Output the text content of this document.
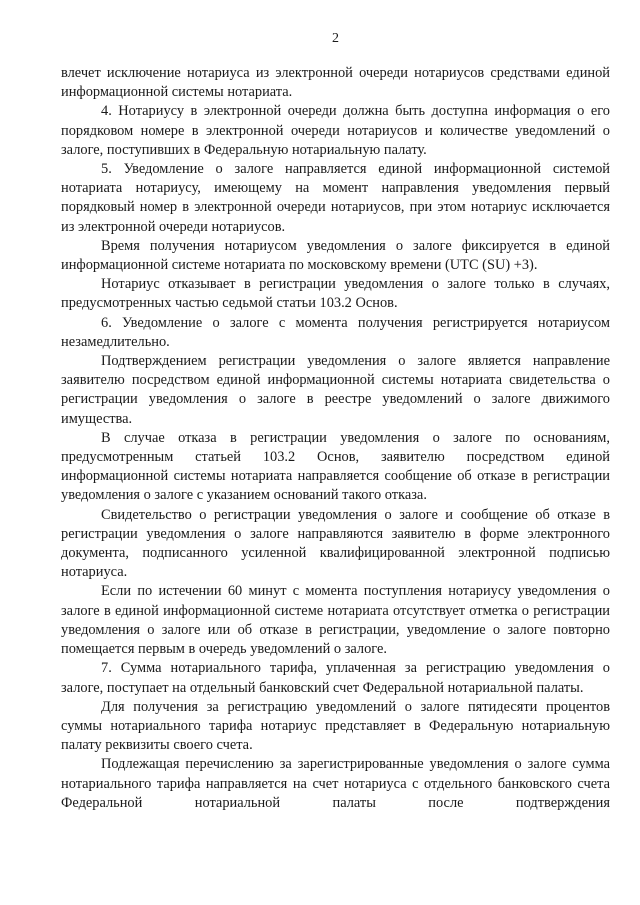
2

влечет исключение нотариуса из электронной очереди нотариусов средствами единой информационной системы нотариата.

4. Нотариусу в электронной очереди должна быть доступна информация о его порядковом номере в электронной очереди нотариусов и количестве уведомлений о залоге, поступивших в Федеральную нотариальную палату.

5. Уведомление о залоге направляется единой информационной системой нотариата нотариусу, имеющему на момент направления уведомления первый порядковый номер в электронной очереди нотариусов, при этом нотариус исключается из электронной очереди нотариусов.

Время получения нотариусом уведомления о залоге фиксируется в единой информационной системе нотариата по московскому времени (UTC (SU) +3).

Нотариус отказывает в регистрации уведомления о залоге только в случаях, предусмотренных частью седьмой статьи 103.2 Основ.

6. Уведомление о залоге с момента получения регистрируется нотариусом незамедлительно.

Подтверждением регистрации уведомления о залоге является направление заявителю посредством единой информационной системы нотариата свидетельства о регистрации уведомления о залоге в реестре уведомлений о залоге движимого имущества.

В случае отказа в регистрации уведомления о залоге по основаниям, предусмотренным статьей 103.2 Основ, заявителю посредством единой информационной системы нотариата направляется сообщение об отказе в регистрации уведомления о залоге с указанием оснований такого отказа.

Свидетельство о регистрации уведомления о залоге и сообщение об отказе в регистрации уведомления о залоге направляются заявителю в форме электронного документа, подписанного усиленной квалифицированной электронной подписью нотариуса.

Если по истечении 60 минут с момента поступления нотариусу уведомления о залоге в единой информационной системе нотариата отсутствует отметка о регистрации уведомления о залоге или об отказе в регистрации, уведомление о залоге повторно помещается первым в очередь уведомлений о залоге.

7. Сумма нотариального тарифа, уплаченная за регистрацию уведомления о залоге, поступает на отдельный банковский счет Федеральной нотариальной палаты.

Для получения за регистрацию уведомлений о залоге пятидесяти процентов суммы нотариального тарифа нотариус представляет в Федеральную нотариальную палату реквизиты своего счета.

Подлежащая перечислению за зарегистрированные уведомления о залоге сумма нотариального тарифа направляется на счет нотариуса с отдельного банковского счета Федеральной нотариальной палаты после подтверждения
